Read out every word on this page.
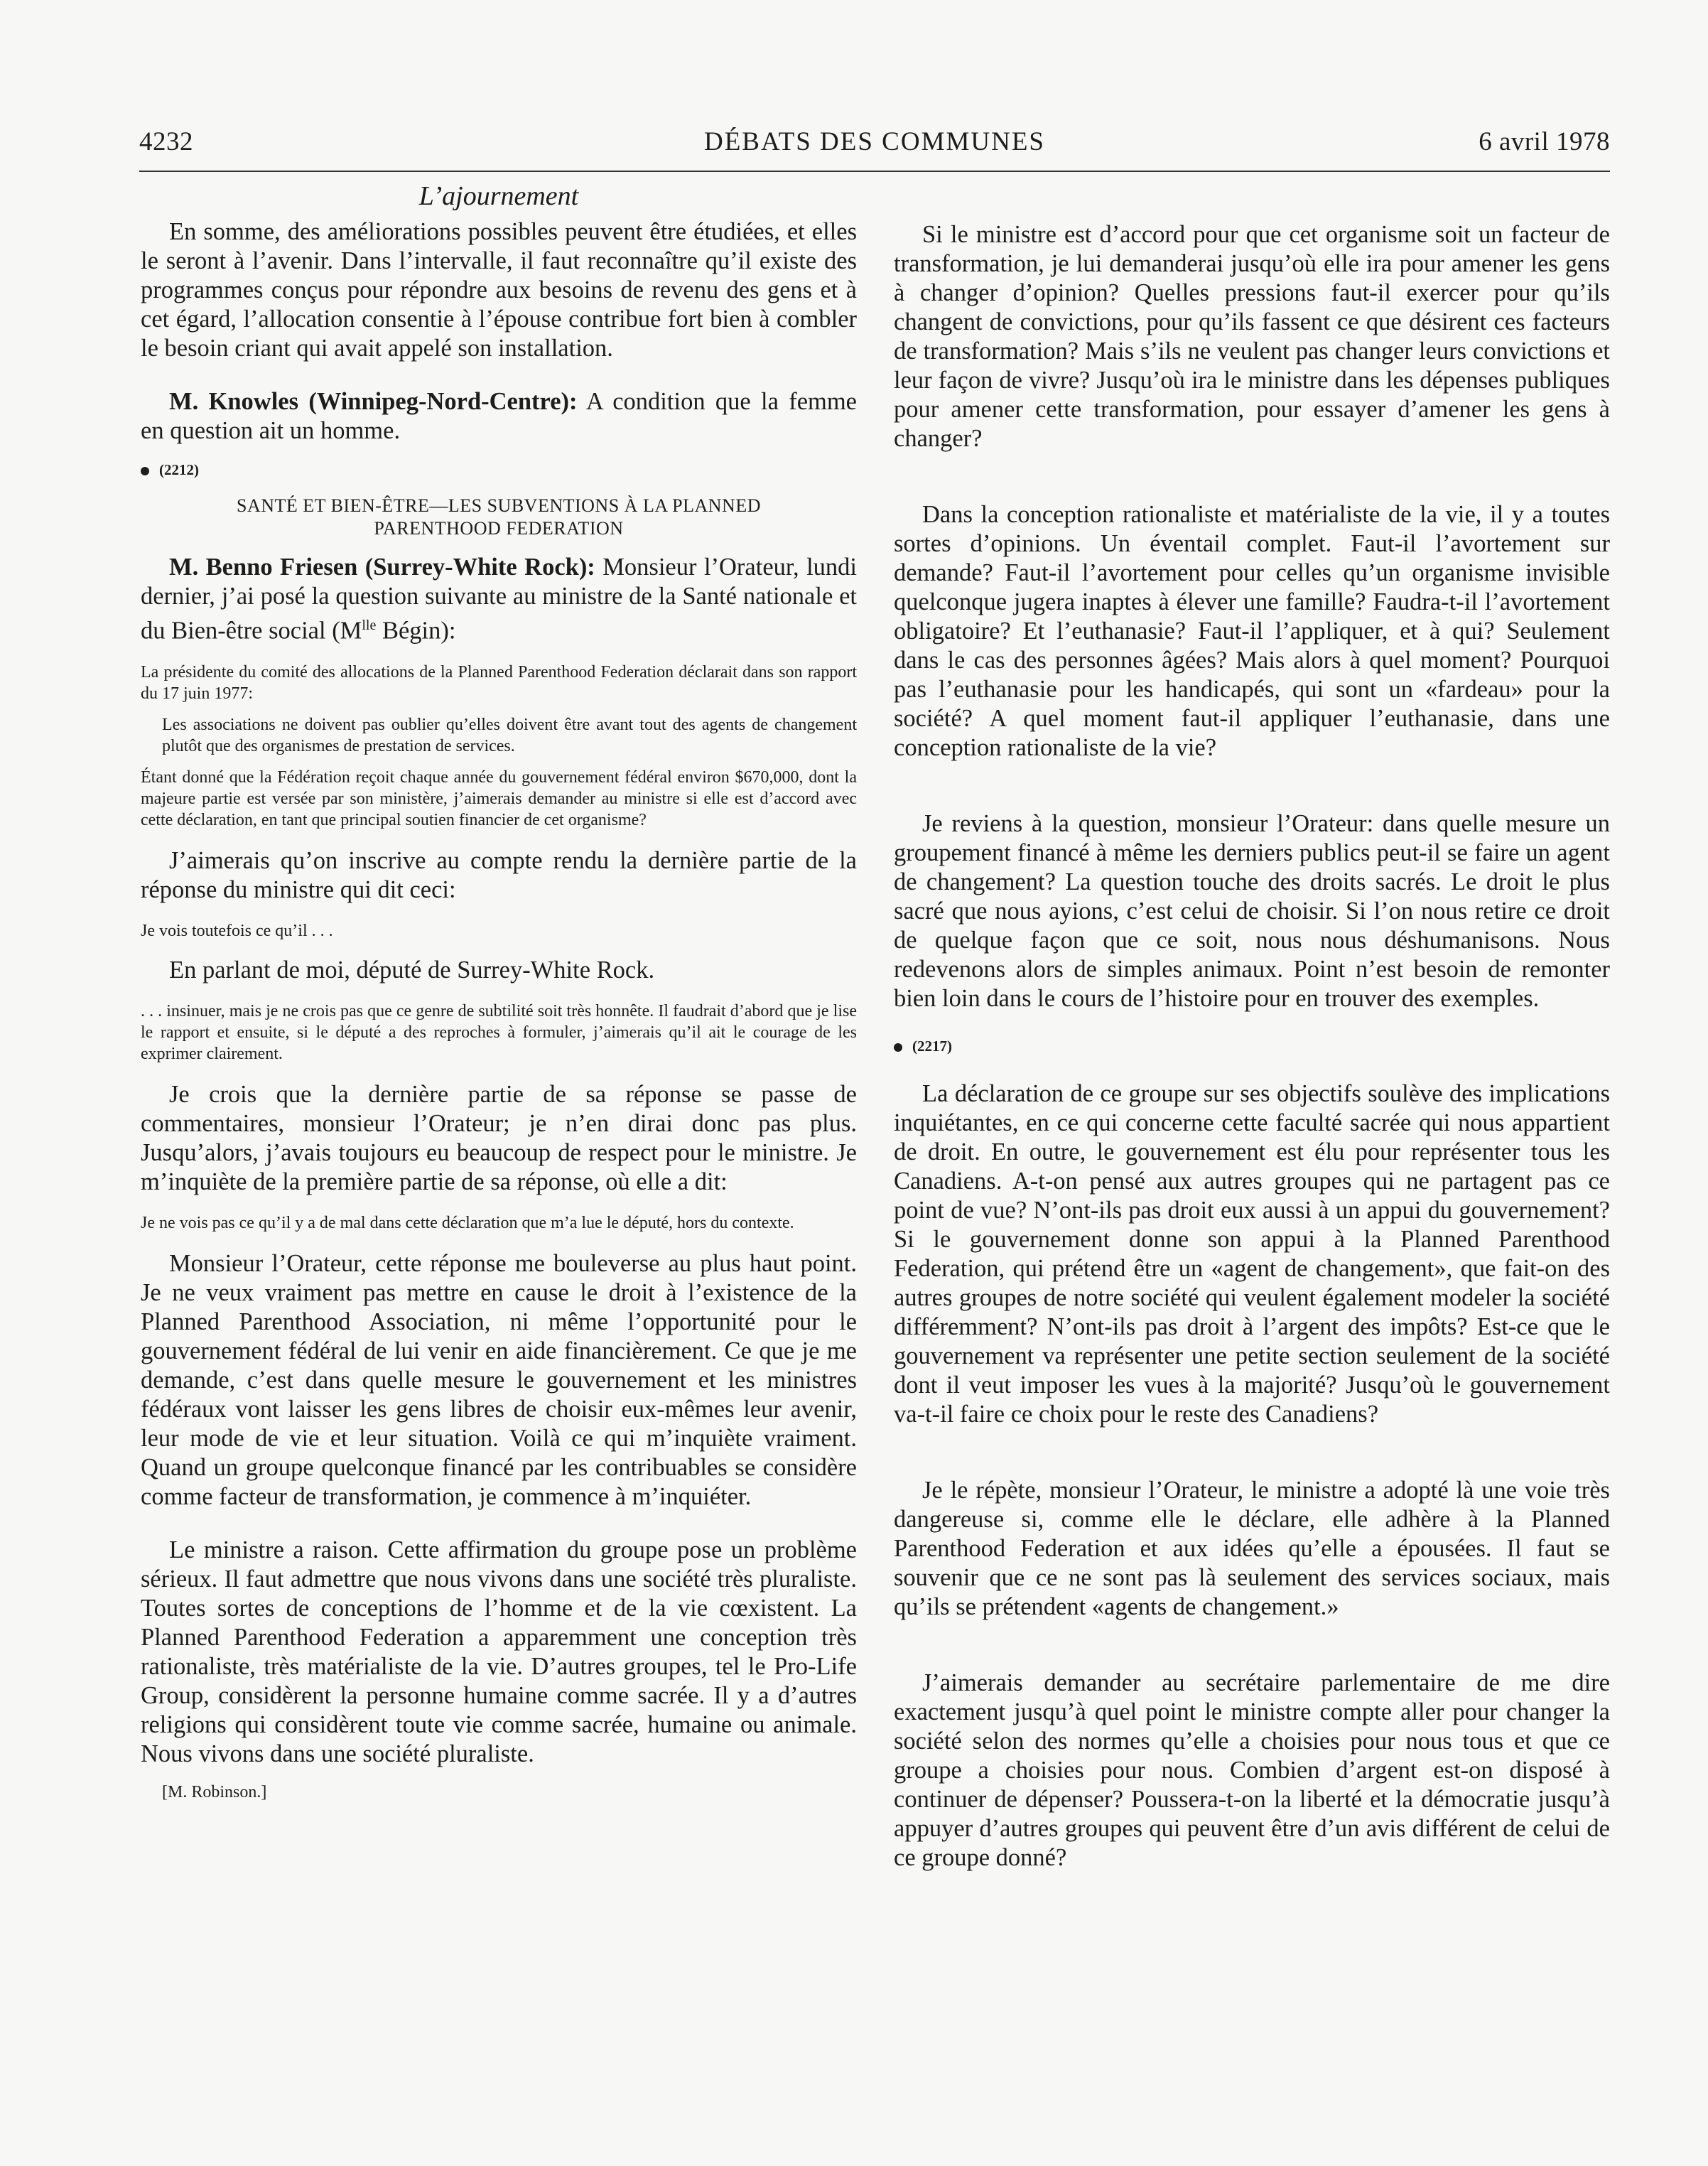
4232	DÉBATS DES COMMUNES	6 avril 1978
L’ajournement

En somme, des améliorations possibles peuvent être étudiées, et elles le seront à l’avenir. Dans l’intervalle, il faut reconnaître qu’il existe des programmes conçus pour répondre aux besoins de revenu des gens et à cet égard, l’allocation consentie à l’épouse contribue fort bien à combler le besoin criant qui avait appelé son installation.

M. Knowles (Winnipeg-Nord-Centre): A condition que la femme en question ait un homme.

(2212)
SANTÉ ET BIEN-ÊTRE—LES SUBVENTIONS À LA PLANNED
PARENTHOOD FEDERATION

M. Benno Friesen (Surrey-White Rock): Monsieur l’Orateur, lundi dernier, j’ai posé la question suivante au ministre de la Santé nationale et du Bien-être social ($M^{lle}$ Bégin):

La présidente du comité des allocations de la Planned Parenthood Federation déclarait dans son rapport du 17 juin 1977:

Les associations ne doivent pas oublier qu’elles doivent être avant tout des agents de changement plutôt que des organismes de prestation de services.

Étant donné que la Fédération reçoit chaque année du gouvernement fédéral environ $670,000, dont la majeure partie est versée par son ministère, j’aimerais demander au ministre si elle est d’accord avec cette déclaration, en tant que principal soutien financier de cet organisme?

J’aimerais qu’on inscrive au compte rendu la dernière partie de la réponse du ministre qui dit ceci:

Je vois toutefois ce qu’il . . .

En parlant de moi, député de Surrey-White Rock.

. . . insinuer, mais je ne crois pas que ce genre de subtilité soit très honnête. Il faudrait d’abord que je lise le rapport et ensuite, si le député a des reproches à formuler, j’aimerais qu’il ait le courage de les exprimer clairement.

Je crois que la dernière partie de sa réponse se passe de commentaires, monsieur l’Orateur; je n’en dirai donc pas plus. Jusqu’alors, j’avais toujours eu beaucoup de respect pour le ministre. Je m’inquiète de la première partie de sa réponse, où elle a dit:

Je ne vois pas ce qu’il y a de mal dans cette déclaration que m’a lue le député, hors du contexte.

Monsieur l’Orateur, cette réponse me bouleverse au plus haut point. Je ne veux vraiment pas mettre en cause le droit à l’existence de la Planned Parenthood Association, ni même l’opportunité pour le gouvernement fédéral de lui venir en aide financièrement. Ce que je me demande, c’est dans quelle mesure le gouvernement et les ministres fédéraux vont laisser les gens libres de choisir eux-mêmes leur avenir, leur mode de vie et leur situation. Voilà ce qui m’inquiète vraiment. Quand un groupe quelconque financé par les contribuables se considère comme facteur de transformation, je commence à m’inquiéter.

Le ministre a raison. Cette affirmation du groupe pose un problème sérieux. Il faut admettre que nous vivons dans une société très pluraliste. Toutes sortes de conceptions de l’homme et de la vie cœxistent. La Planned Parenthood Federation a apparemment une conception très rationaliste, très matérialiste de la vie. D’autres groupes, tel le Pro-Life Group, considèrent la personne humaine comme sacrée. Il y a d’autres religions qui considèrent toute vie comme sacrée, humaine ou animale. Nous vivons dans une société pluraliste.

[M. Robinson.]

Si le ministre est d’accord pour que cet organisme soit un facteur de transformation, je lui demanderai jusqu’où elle ira pour amener les gens à changer d’opinion? Quelles pressions faut-il exercer pour qu’ils changent de convictions, pour qu’ils fassent ce que désirent ces facteurs de transformation? Mais s’ils ne veulent pas changer leurs convictions et leur façon de vivre? Jusqu’où ira le ministre dans les dépenses publiques pour amener cette transformation, pour essayer d’amener les gens à changer?

Dans la conception rationaliste et matérialiste de la vie, il y a toutes sortes d’opinions. Un éventail complet. Faut-il l’avortement sur demande? Faut-il l’avortement pour celles qu’un organisme invisible quelconque jugera inaptes à élever une famille? Faudra-t-il l’avortement obligatoire? Et l’euthanasie? Faut-il l’appliquer, et à qui? Seulement dans le cas des personnes âgées? Mais alors à quel moment? Pourquoi pas l’euthanasie pour les handicapés, qui sont un «fardeau» pour la société? A quel moment faut-il appliquer l’euthanasie, dans une conception rationaliste de la vie?

Je reviens à la question, monsieur l’Orateur: dans quelle mesure un groupement financé à même les derniers publics peut-il se faire un agent de changement? La question touche des droits sacrés. Le droit le plus sacré que nous ayions, c’est celui de choisir. Si l’on nous retire ce droit de quelque façon que ce soit, nous nous déshumanisons. Nous redevenons alors de simples animaux. Point n’est besoin de remonter bien loin dans le cours de l’histoire pour en trouver des exemples.

(2217)

La déclaration de ce groupe sur ses objectifs soulève des implications inquiétantes, en ce qui concerne cette faculté sacrée qui nous appartient de droit. En outre, le gouvernement est élu pour représenter tous les Canadiens. A-t-on pensé aux autres groupes qui ne partagent pas ce point de vue? N’ont-ils pas droit eux aussi à un appui du gouvernement? Si le gouvernement donne son appui à la Planned Parenthood Federation, qui prétend être un «agent de changement», que fait-on des autres groupes de notre société qui veulent également modeler la société différemment? N’ont-ils pas droit à l’argent des impôts? Est-ce que le gouvernement va représenter une petite section seulement de la société dont il veut imposer les vues à la majorité? Jusqu’où le gouvernement va-t-il faire ce choix pour le reste des Canadiens?

Je le répète, monsieur l’Orateur, le ministre a adopté là une voie très dangereuse si, comme elle le déclare, elle adhère à la Planned Parenthood Federation et aux idées qu’elle a épousées. Il faut se souvenir que ce ne sont pas là seulement des services sociaux, mais qu’ils se prétendent «agents de changement.»

J’aimerais demander au secrétaire parlementaire de me dire exactement jusqu’à quel point le ministre compte aller pour changer la société selon des normes qu’elle a choisies pour nous tous et que ce groupe a choisies pour nous. Combien d’argent est-on disposé à continuer de dépenser? Poussera-t-on la liberté et la démocratie jusqu’à appuyer d’autres groupes qui peuvent être d’un avis différent de celui de ce groupe donné?
